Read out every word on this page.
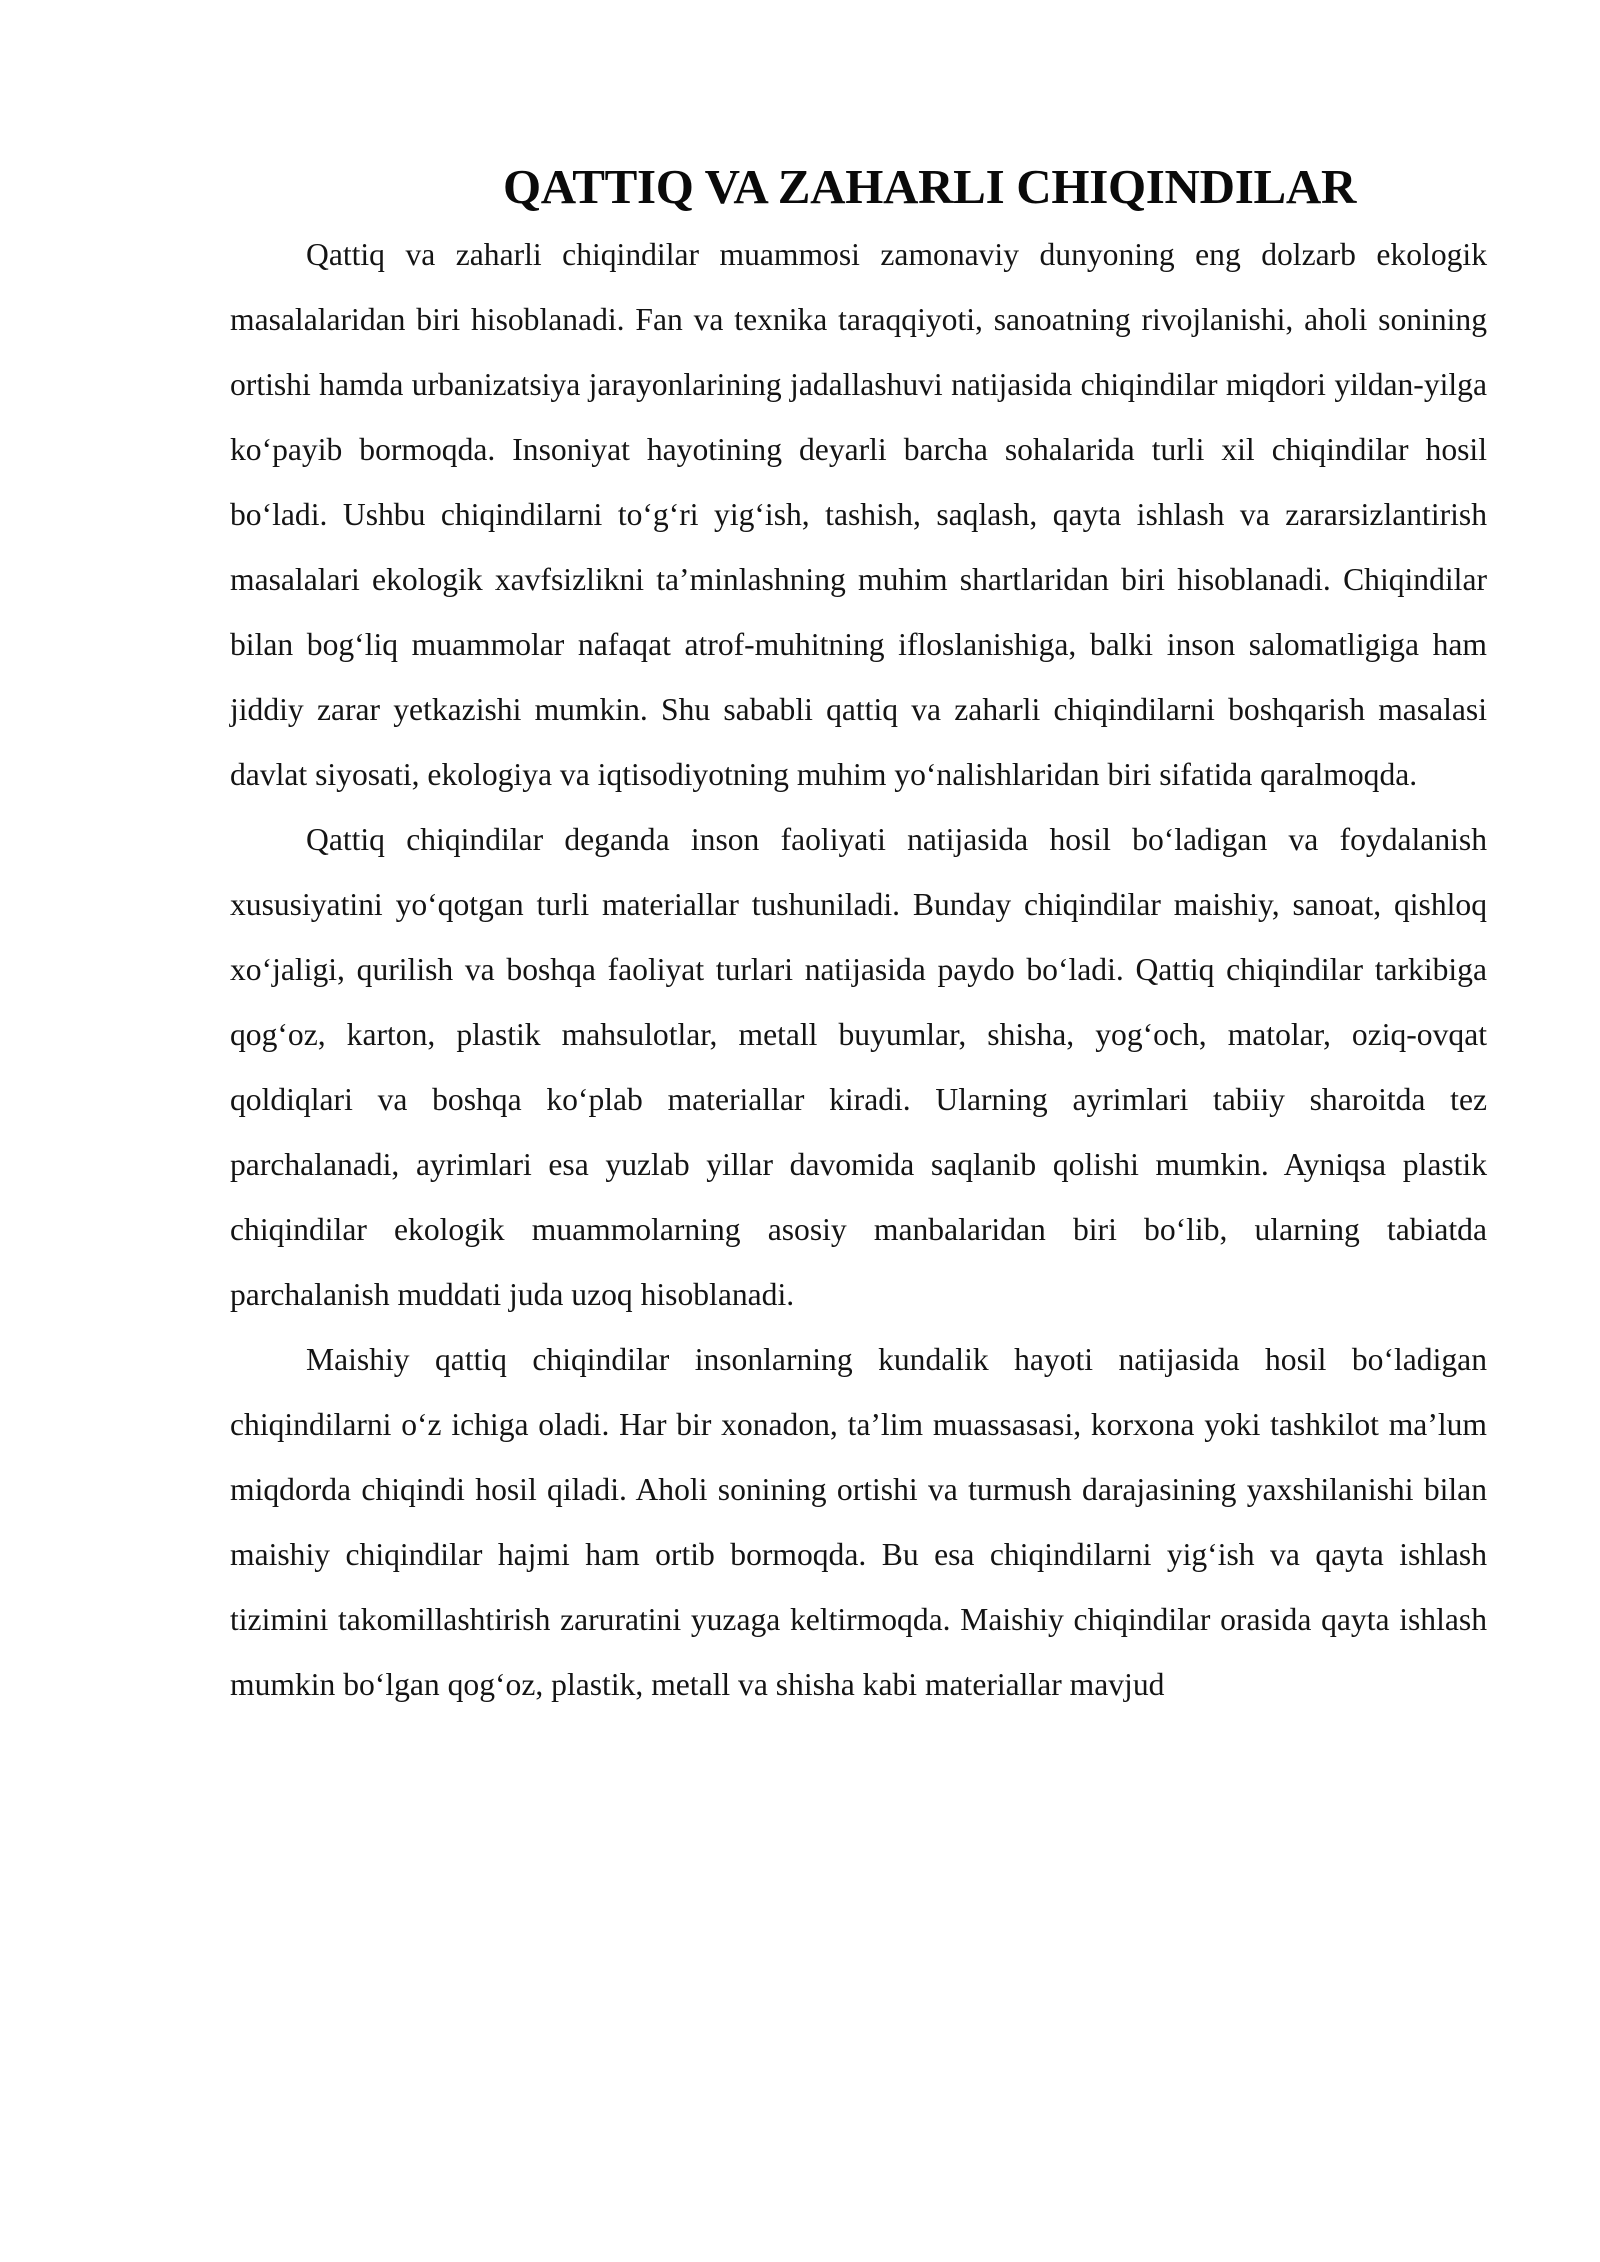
QATTIQ VA ZAHARLI CHIQINDILAR

Qattiq va zaharli chiqindilar muammosi zamonaviy dunyoning eng dolzarb ekologik masalalaridan biri hisoblanadi. Fan va texnika taraqqiyoti, sanoatning rivojlanishi, aholi sonining ortishi hamda urbanizatsiya jarayonlarining jadallashuvi natijasida chiqindilar miqdori yildan-yilga ko‘payib bormoqda. Insoniyat hayotining deyarli barcha sohalarida turli xil chiqindilar hosil bo‘ladi. Ushbu chiqindilarni to‘g‘ri yig‘ish, tashish, saqlash, qayta ishlash va zararsizlantirish masalalari ekologik xavfsizlikni ta’minlashning muhim shartlaridan biri hisoblanadi. Chiqindilar bilan bog‘liq muammolar nafaqat atrof-muhitning ifloslanishiga, balki inson salomatligiga ham jiddiy zarar yetkazishi mumkin. Shu sababli qattiq va zaharli chiqindilarni boshqarish masalasi davlat siyosati, ekologiya va iqtisodiyotning muhim yo‘nalishlaridan biri sifatida qaralmoqda.

Qattiq chiqindilar deganda inson faoliyati natijasida hosil bo‘ladigan va foydalanish xususiyatini yo‘qotgan turli materiallar tushuniladi. Bunday chiqindilar maishiy, sanoat, qishloq xo‘jaligi, qurilish va boshqa faoliyat turlari natijasida paydo bo‘ladi. Qattiq chiqindilar tarkibiga qog‘oz, karton, plastik mahsulotlar, metall buyumlar, shisha, yog‘och, matolar, oziq-ovqat qoldiqlari va boshqa ko‘plab materiallar kiradi. Ularning ayrimlari tabiiy sharoitda tez parchalanadi, ayrimlari esa yuzlab yillar davomida saqlanib qolishi mumkin. Ayniqsa plastik chiqindilar ekologik muammolarning asosiy manbalaridan biri bo‘lib, ularning tabiatda parchalanish muddati juda uzoq hisoblanadi.

Maishiy qattiq chiqindilar insonlarning kundalik hayoti natijasida hosil bo‘ladigan chiqindilarni o‘z ichiga oladi. Har bir xonadon, ta’lim muassasasi, korxona yoki tashkilot ma’lum miqdorda chiqindi hosil qiladi. Aholi sonining ortishi va turmush darajasining yaxshilanishi bilan maishiy chiqindilar hajmi ham ortib bormoqda. Bu esa chiqindilarni yig‘ish va qayta ishlash tizimini takomillashtirish zaruratini yuzaga keltirmoqda. Maishiy chiqindilar orasida qayta ishlash mumkin bo‘lgan qog‘oz, plastik, metall va shisha kabi materiallar mavjud
